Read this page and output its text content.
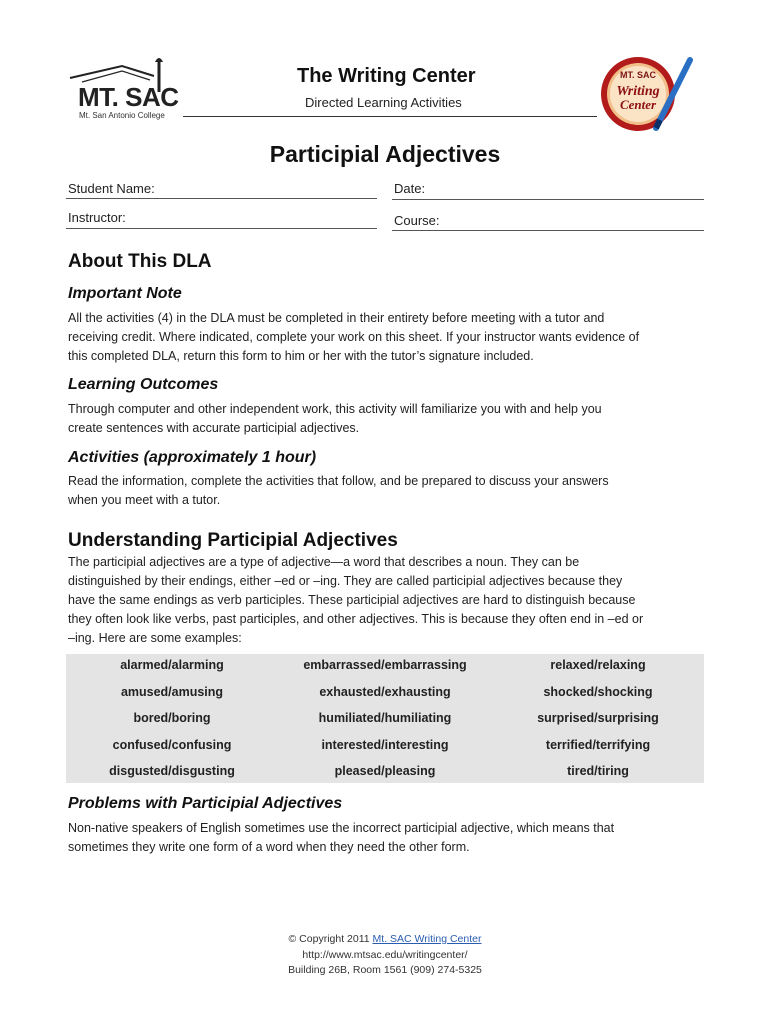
MT. SAC
Mt. San Antonio College
The Writing Center
Directed Learning Activities
MT. SAC
Writing
Center
Participial Adjectives
Student Name:	Date:
Instructor:	Course:
About This DLA
Important Note
All the activities (4) in the DLA must be completed in their entirety before meeting with a tutor and
receiving credit. Where indicated, complete your work on this sheet. If your instructor wants evidence of
this completed DLA, return this form to him or her with the tutor’s signature included.
Learning Outcomes
Through computer and other independent work, this activity will familiarize you with and help you
create sentences with accurate participial adjectives.
Activities (approximately 1 hour)
Read the information, complete the activities that follow, and be prepared to discuss your answers
when you meet with a tutor.
Understanding Participial Adjectives
The participial adjectives are a type of adjective—a word that describes a noun. They can be
distinguished by their endings, either –ed or –ing. They are called participial adjectives because they
have the same endings as verb participles. These participial adjectives are hard to distinguish because
they often look like verbs, past participles, and other adjectives. This is because they often end in –ed or
–ing. Here are some examples:
alarmed/alarming	embarrassed/embarrassing	relaxed/relaxing
amused/amusing	exhausted/exhausting	shocked/shocking
bored/boring	humiliated/humiliating	surprised/surprising
confused/confusing	interested/interesting	terrified/terrifying
disgusted/disgusting	pleased/pleasing	tired/tiring
Problems with Participial Adjectives
Non-native speakers of English sometimes use the incorrect participial adjective, which means that
sometimes they write one form of a word when they need the other form.
© Copyright 2011 Mt. SAC Writing Center
http://www.mtsac.edu/writingcenter/
Building 26B, Room 1561 (909) 274-5325
